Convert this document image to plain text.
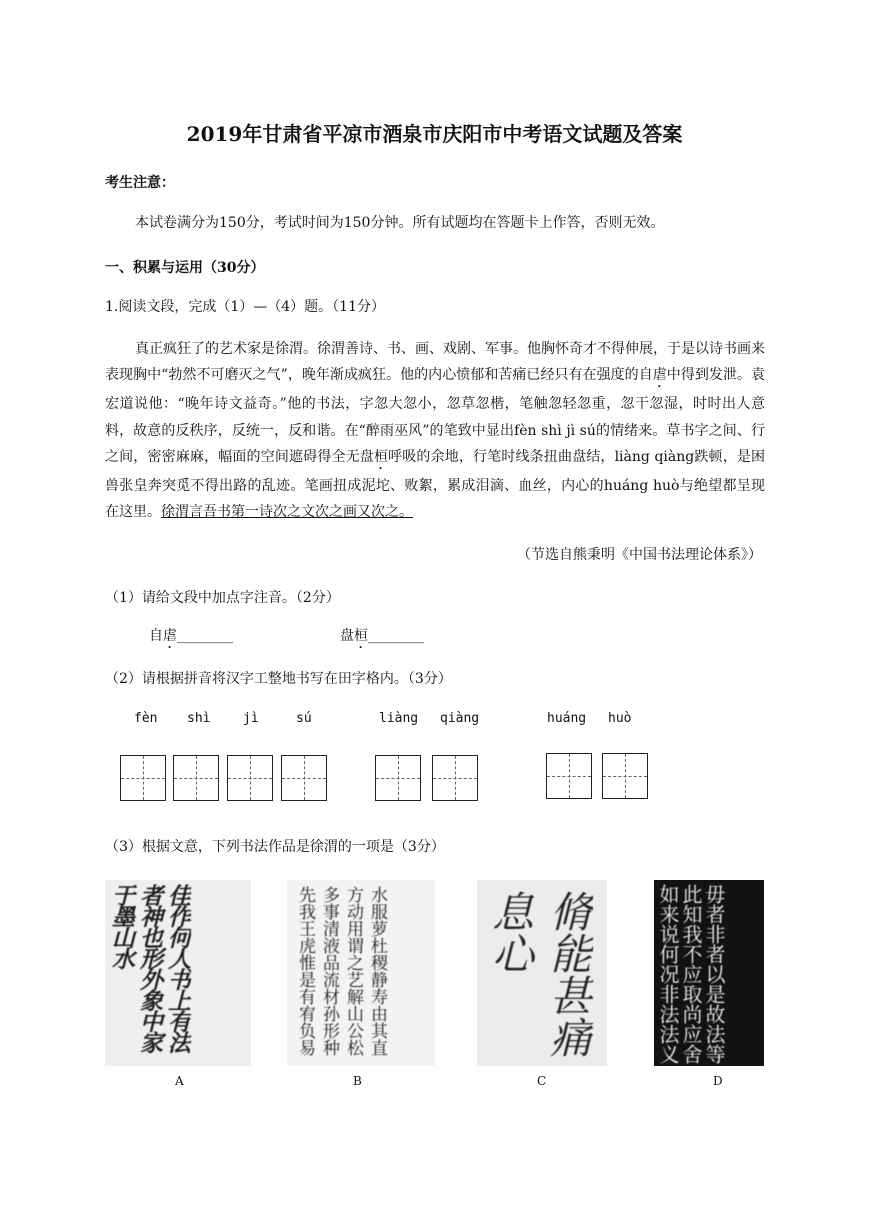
2019年甘肃省平凉市酒泉市庆阳市中考语文试题及答案
考生注意：
本试卷满分为150分，考试时间为150分钟。所有试题均在答题卡上作答，否则无效。
一、积累与运用（30分）
1.阅读文段，完成（1）—（4）题。（11分）
真正疯狂了的艺术家是徐渭。徐渭善诗、书、画、戏剧、军事。他胸怀奇才不得伸展，于是以诗书画来表现胸中“勃然不可磨灭之气”，晚年渐成疯狂。他的内心愤郁和苦痛已经只有在强度的自虐中得到发泄。袁宏道说他：“晚年诗文益奇。”他的书法，字忽大忽小，忽草忽楷，笔触忽轻忽重，忽干忽湿，时时出人意料，故意的反秩序，反统一，反和谐。在“醉雨巫风”的笔致中显出fèn shì jì sú的情绪来。草书字之间、行之间，密密麻麻，幅面的空间遮碍得全无盘桓呼吸的余地，行笔时线条扭曲盘结，liàng qiàng跌顿，是困兽张皇奔突觅不得出路的乱迹。笔画扭成泥坨、败絮，累成泪滴、血丝，内心的huáng huò与绝望都呈现在这里。徐渭言吾书第一诗次之文次之画又次之。
（节选自熊秉明《中国书法理论体系》）
（1）请给文段中加点字注音。（2分）
自虐________	盘桓________
（2）请根据拼音将汉字工整地书写在田字格内。（3分）
fèn shì	jì	sú	liàng qiàng	huáng huò
（3）根据文意，下列书法作品是徐渭的一项是（3分）
佳作何人书上有法者神也形外象中家于墨山水	水服萝杜稷静寿由其直方动用谓之艺解山公松多事清液品流材孙形种先我王虎惟是有宥负易	脩能甚痛息心	毋者非者以是故法等此知我不应取尚应舍如来说何况非法法义
A	B	C	D
